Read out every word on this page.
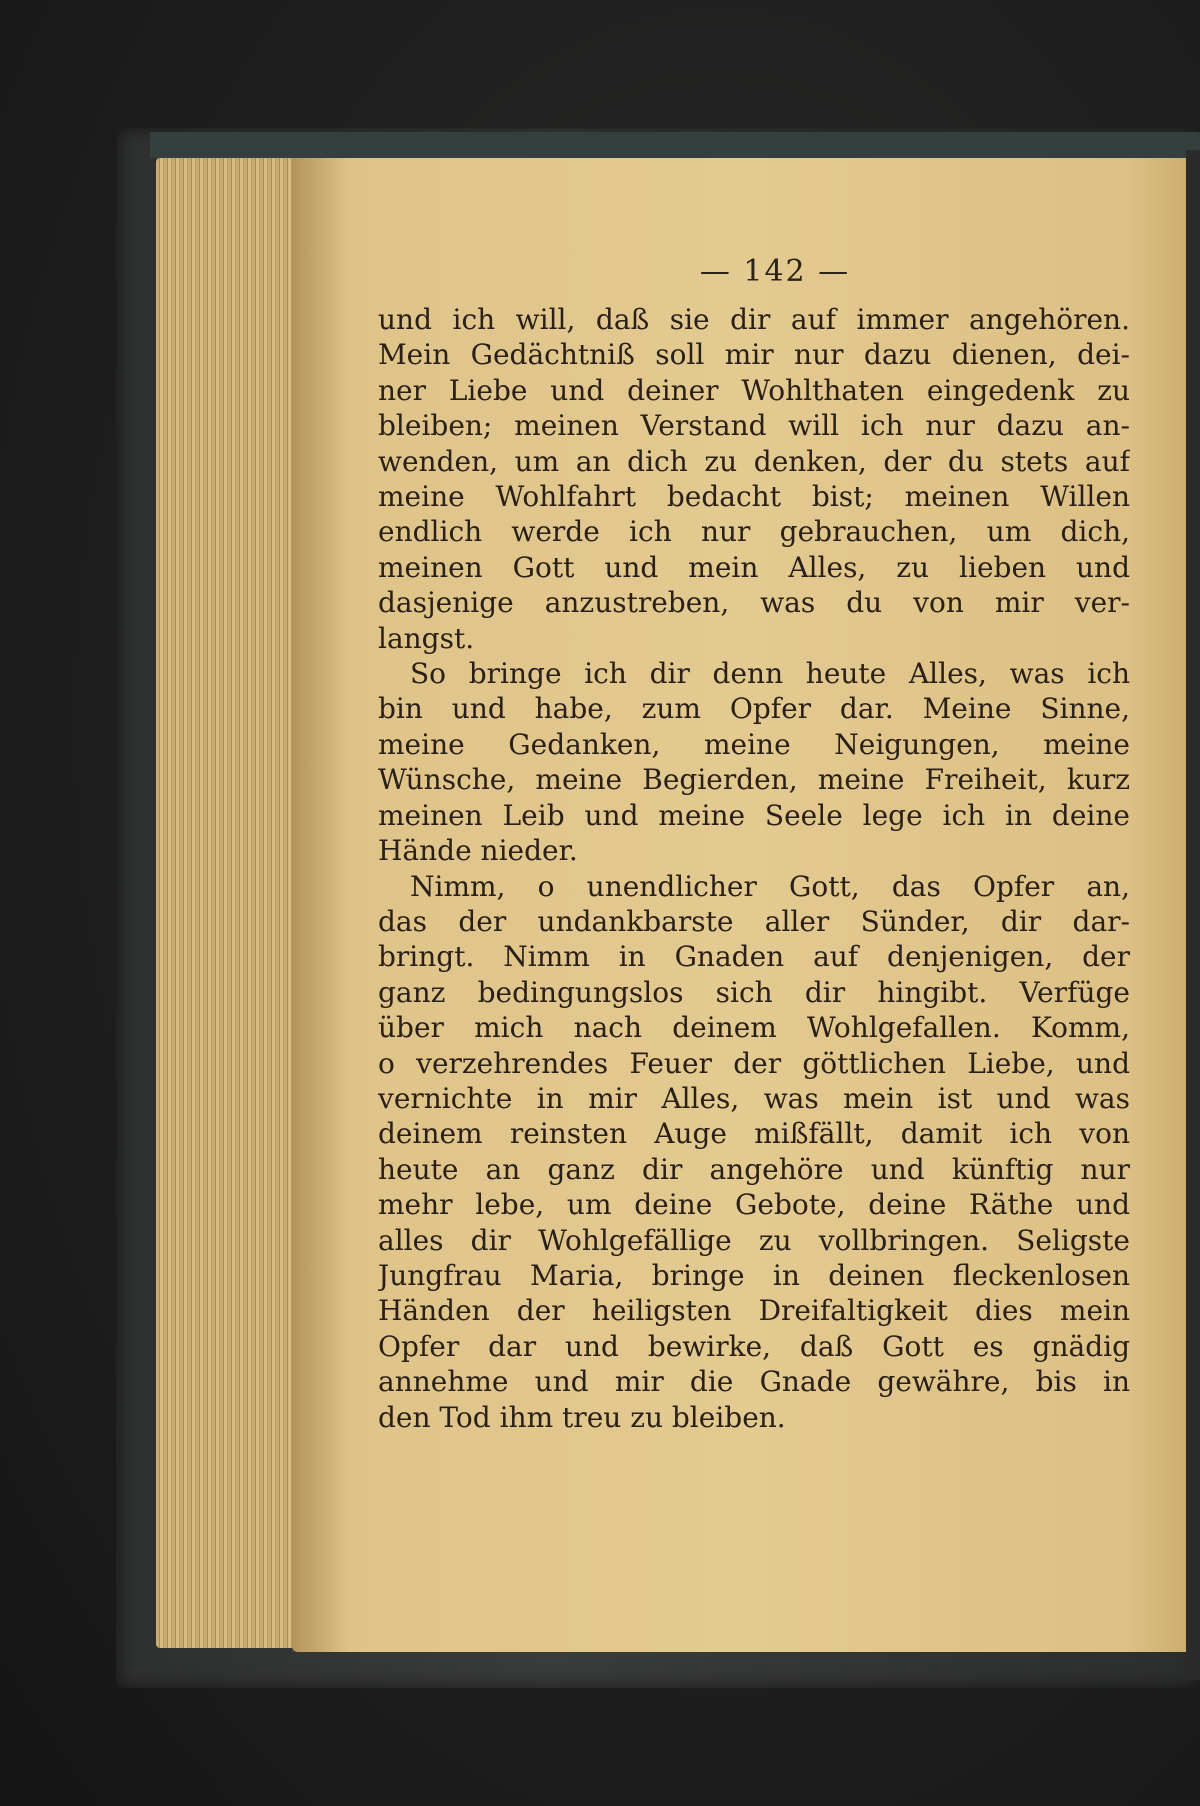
— 142 —
und ich will, daß sie dir auf immer angehören.
Mein Gedächtniß soll mir nur dazu dienen, dei-
ner Liebe und deiner Wohlthaten eingedenk zu
bleiben; meinen Verstand will ich nur dazu an-
wenden, um an dich zu denken, der du stets auf
meine Wohlfahrt bedacht bist; meinen Willen
endlich werde ich nur gebrauchen, um dich,
meinen Gott und mein Alles, zu lieben und
dasjenige anzustreben, was du von mir ver-
langst.
So bringe ich dir denn heute Alles, was ich
bin und habe, zum Opfer dar. Meine Sinne,
meine Gedanken, meine Neigungen, meine
Wünsche, meine Begierden, meine Freiheit, kurz
meinen Leib und meine Seele lege ich in deine
Hände nieder.
Nimm, o unendlicher Gott, das Opfer an,
das der undankbarste aller Sünder, dir dar-
bringt. Nimm in Gnaden auf denjenigen, der
ganz bedingungslos sich dir hingibt. Verfüge
über mich nach deinem Wohlgefallen. Komm,
o verzehrendes Feuer der göttlichen Liebe, und
vernichte in mir Alles, was mein ist und was
deinem reinsten Auge mißfällt, damit ich von
heute an ganz dir angehöre und künftig nur
mehr lebe, um deine Gebote, deine Räthe und
alles dir Wohlgefällige zu vollbringen. Seligste
Jungfrau Maria, bringe in deinen fleckenlosen
Händen der heiligsten Dreifaltigkeit dies mein
Opfer dar und bewirke, daß Gott es gnädig
annehme und mir die Gnade gewähre, bis in
den Tod ihm treu zu bleiben.
